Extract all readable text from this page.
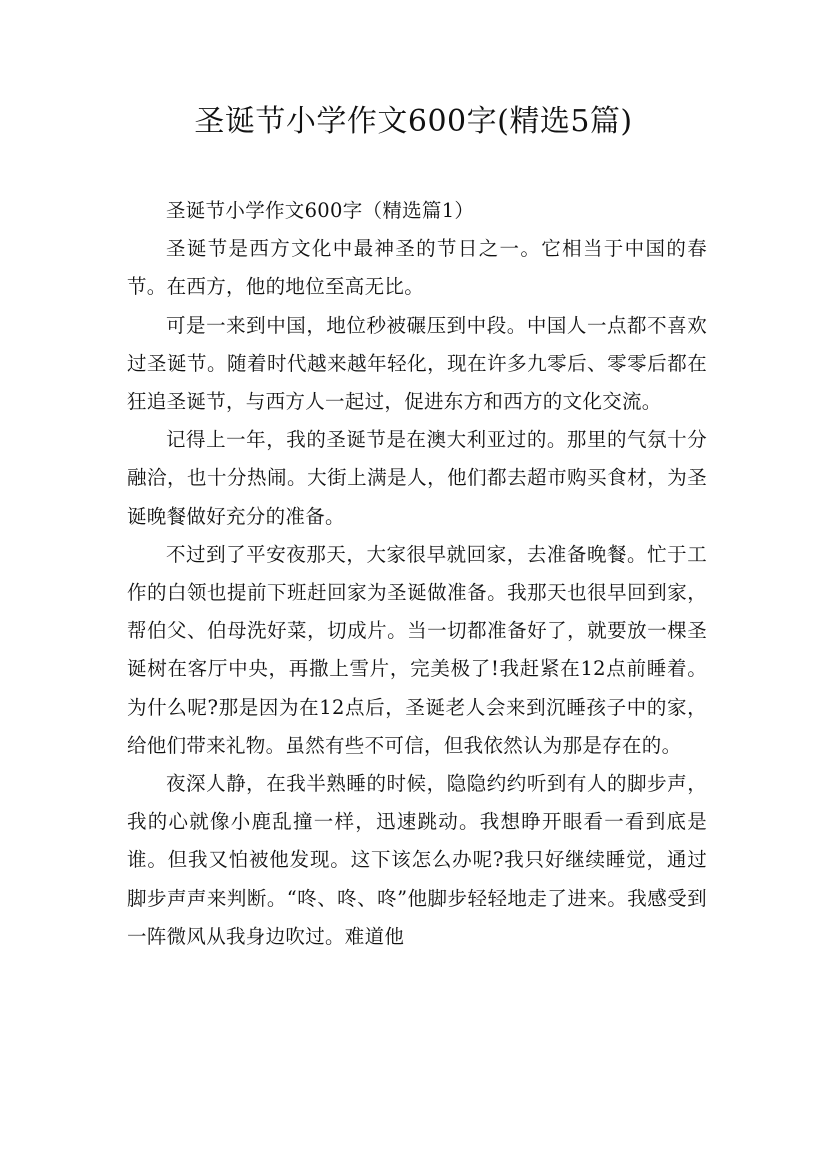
圣诞节小学作文600字(精选5篇)

圣诞节小学作文600字（精选篇1）

圣诞节是西方文化中最神圣的节日之一。它相当于中国的春节。在西方，他的地位至高无比。

可是一来到中国，地位秒被碾压到中段。中国人一点都不喜欢过圣诞节。随着时代越来越年轻化，现在许多九零后、零零后都在狂追圣诞节，与西方人一起过，促进东方和西方的文化交流。

记得上一年，我的圣诞节是在澳大利亚过的。那里的气氛十分融洽，也十分热闹。大街上满是人，他们都去超市购买食材，为圣诞晚餐做好充分的准备。

不过到了平安夜那天，大家很早就回家，去准备晚餐。忙于工作的白领也提前下班赶回家为圣诞做准备。我那天也很早回到家，帮伯父、伯母洗好菜，切成片。当一切都准备好了，就要放一棵圣诞树在客厅中央，再撒上雪片，完美极了!我赶紧在12点前睡着。为什么呢?那是因为在12点后，圣诞老人会来到沉睡孩子中的家，给他们带来礼物。虽然有些不可信，但我依然认为那是存在的。

夜深人静，在我半熟睡的时候，隐隐约约听到有人的脚步声，我的心就像小鹿乱撞一样，迅速跳动。我想睁开眼看一看到底是谁。但我又怕被他发现。这下该怎么办呢?我只好继续睡觉，通过脚步声声来判断。“咚、咚、咚”他脚步轻轻地走了进来。我感受到一阵微风从我身边吹过。难道他
